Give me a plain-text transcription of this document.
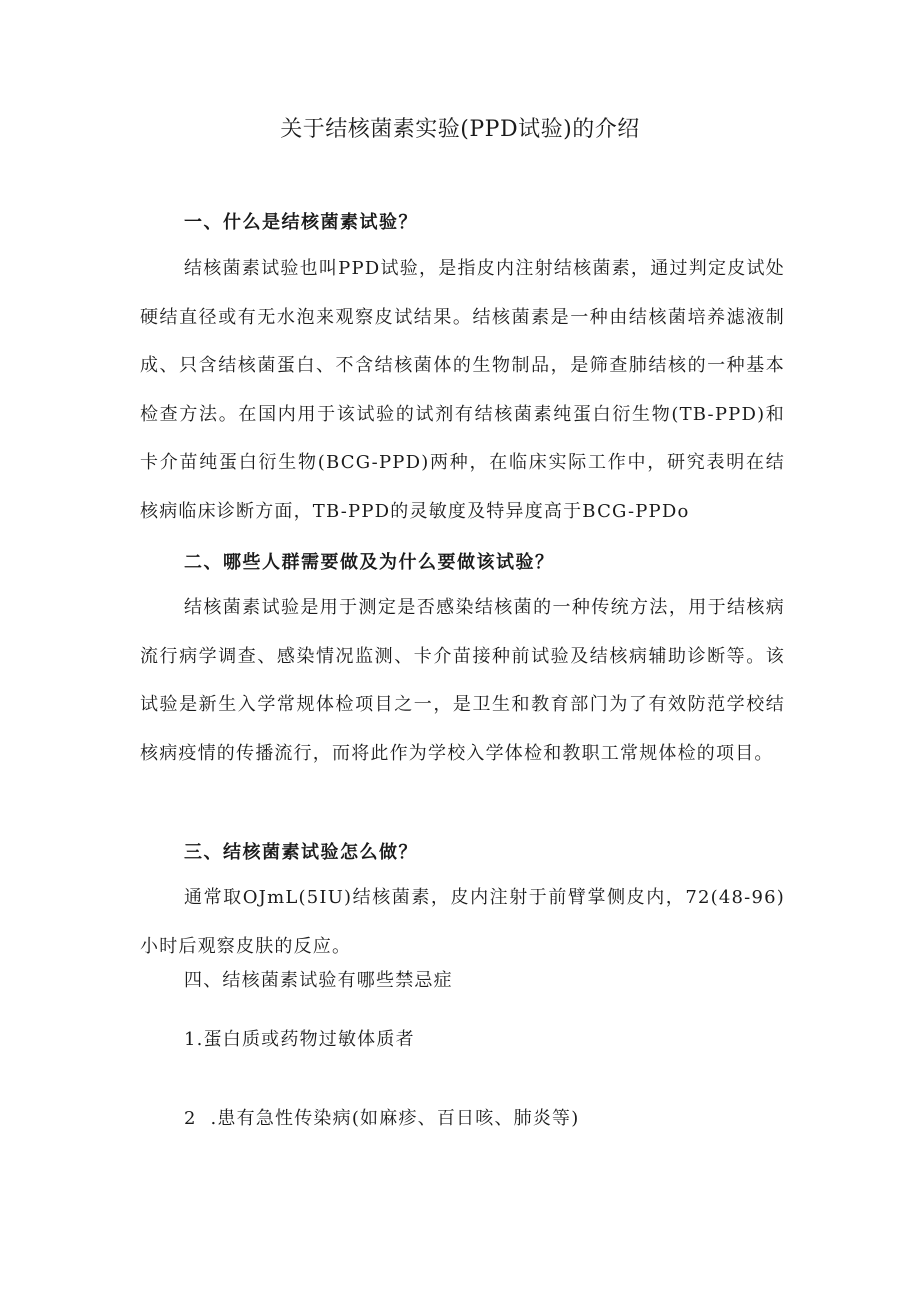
关于结核菌素实验(PPD试验)的介绍
一、什么是结核菌素试验？
结核菌素试验也叫PPD试验，是指皮内注射结核菌素，通过判定皮试处硬结直径或有无水泡来观察皮试结果。结核菌素是一种由结核菌培养滤液制成、只含结核菌蛋白、不含结核菌体的生物制品，是筛查肺结核的一种基本检查方法。在国内用于该试验的试剂有结核菌素纯蛋白衍生物(TB-PPD)和卡介苗纯蛋白衍生物(BCG-PPD)两种，在临床实际工作中，研究表明在结核病临床诊断方面，TB-PPD的灵敏度及特异度高于BCG-PPDo
二、哪些人群需要做及为什么要做该试验？
结核菌素试验是用于测定是否感染结核菌的一种传统方法，用于结核病流行病学调查、感染情况监测、卡介苗接种前试验及结核病辅助诊断等。该试验是新生入学常规体检项目之一，是卫生和教育部门为了有效防范学校结核病疫情的传播流行，而将此作为学校入学体检和教职工常规体检的项目。
三、结核菌素试验怎么做？
通常取OJmL(5IU)结核菌素，皮内注射于前臂掌侧皮内，72(48-96)小时后观察皮肤的反应。
四、结核菌素试验有哪些禁忌症
1.蛋白质或药物过敏体质者
2  .患有急性传染病(如麻疹、百日咳、肺炎等)
